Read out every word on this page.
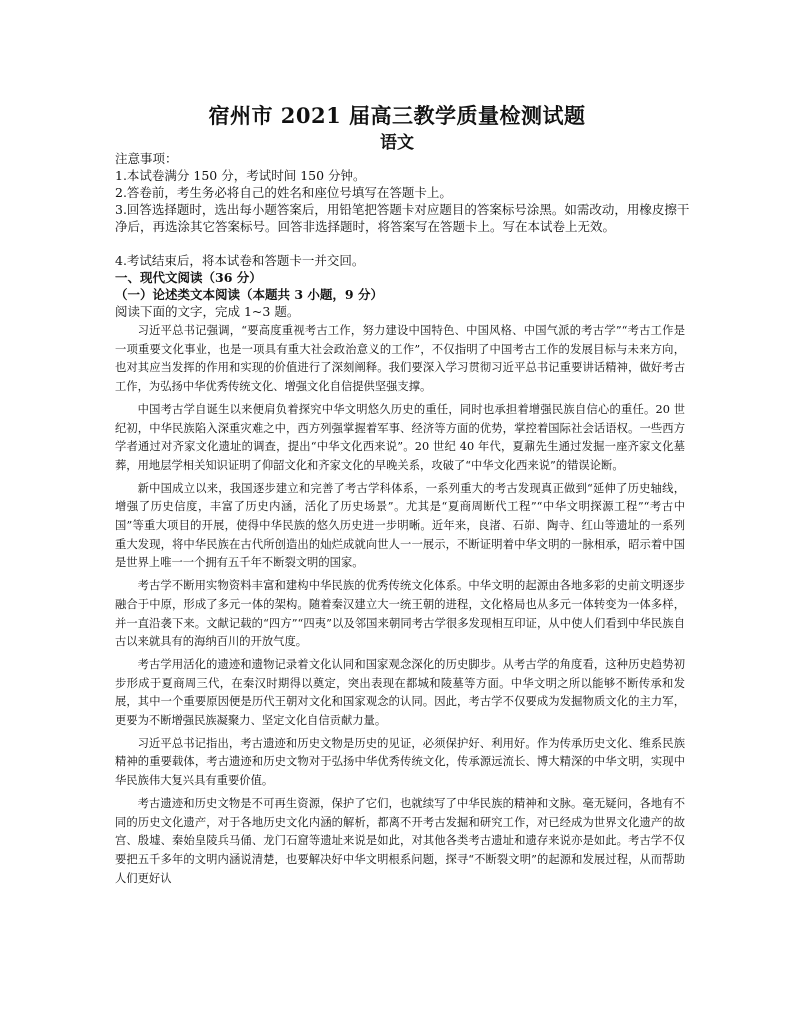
宿州市 2021 届高三教学质量检测试题
语文
注意事项：
1.本试卷满分 150 分，考试时间 150 分钟。
2.答卷前，考生务必将自己的姓名和座位号填写在答题卡上。
3.回答选择题时，选出每小题答案后，用铅笔把答题卡对应题目的答案标号涂黑。如需改动，用橡皮擦干净后，再选涂其它答案标号。回答非选择题时，将答案写在答题卡上。写在本试卷上无效。
4.考试结束后，将本试卷和答题卡一并交回。
一、现代文阅读（36 分）
（一）论述类文本阅读（本题共 3 小题，9 分）
阅读下面的文字，完成 1~3 题。

习近平总书记强调，“要高度重视考古工作，努力建设中国特色、中国风格、中国气派的考古学”“考古工作是一项重要文化事业，也是一项具有重大社会政治意义的工作”，不仅指明了中国考古工作的发展目标与未来方向，也对其应当发挥的作用和实现的价值进行了深刻阐释。我们要深入学习贯彻习近平总书记重要讲话精神，做好考古工作，为弘扬中华优秀传统文化、增强文化自信提供坚强支撑。

中国考古学自诞生以来便肩负着探究中华文明悠久历史的重任，同时也承担着增强民族自信心的重任。20 世纪初，中华民族陷入深重灾难之中，西方列强掌握着军事、经济等方面的优势，掌控着国际社会话语权。一些西方学者通过对齐家文化遗址的调查，提出“中华文化西来说”。20 世纪 40 年代，夏鼐先生通过发掘一座齐家文化墓葬，用地层学相关知识证明了仰韶文化和齐家文化的早晚关系，攻破了“中华文化西来说”的错误论断。

新中国成立以来，我国逐步建立和完善了考古学科体系，一系列重大的考古发现真正做到“延伸了历史轴线，增强了历史信度，丰富了历史内涵，活化了历史场景”。尤其是“夏商周断代工程”“中华文明探源工程”“考古中国”等重大项目的开展，使得中华民族的悠久历史进一步明晰。近年来，良渚、石峁、陶寺、红山等遗址的一系列重大发现，将中华民族在古代所创造出的灿烂成就向世人一一展示，不断证明着中华文明的一脉相承，昭示着中国是世界上唯一一个拥有五千年不断裂文明的国家。

考古学不断用实物资料丰富和建构中华民族的优秀传统文化体系。中华文明的起源由各地多彩的史前文明逐步融合于中原，形成了多元一体的架构。随着秦汉建立大一统王朝的进程，文化格局也从多元一体转变为一体多样，并一直沿袭下来。文献记载的“四方”“四夷”以及邻国来朝同考古学很多发现相互印证，从中使人们看到中华民族自古以来就具有的海纳百川的开放气度。

考古学用活化的遗迹和遗物记录着文化认同和国家观念深化的历史脚步。从考古学的角度看，这种历史趋势初步形成于夏商周三代，在秦汉时期得以奠定，突出表现在都城和陵墓等方面。中华文明之所以能够不断传承和发展，其中一个重要原因便是历代王朝对文化和国家观念的认同。因此，考古学不仅要成为发掘物质文化的主力军，更要为不断增强民族凝聚力、坚定文化自信贡献力量。

习近平总书记指出，考古遗迹和历史文物是历史的见证，必须保护好、利用好。作为传承历史文化、维系民族精神的重要载体，考古遗迹和历史文物对于弘扬中华优秀传统文化，传承源远流长、博大精深的中华文明，实现中华民族伟大复兴具有重要价值。

考古遗迹和历史文物是不可再生资源，保护了它们，也就续写了中华民族的精神和文脉。毫无疑问，各地有不同的历史文化遗产，对于各地历史文化内涵的解析，都离不开考古发掘和研究工作，对已经成为世界文化遗产的故宫、殷墟、秦始皇陵兵马俑、龙门石窟等遗址来说是如此，对其他各类考古遗址和遗存来说亦是如此。考古学不仅要把五千多年的文明内涵说清楚，也要解决好中华文明根系问题，探寻“不断裂文明”的起源和发展过程，从而帮助人们更好认
